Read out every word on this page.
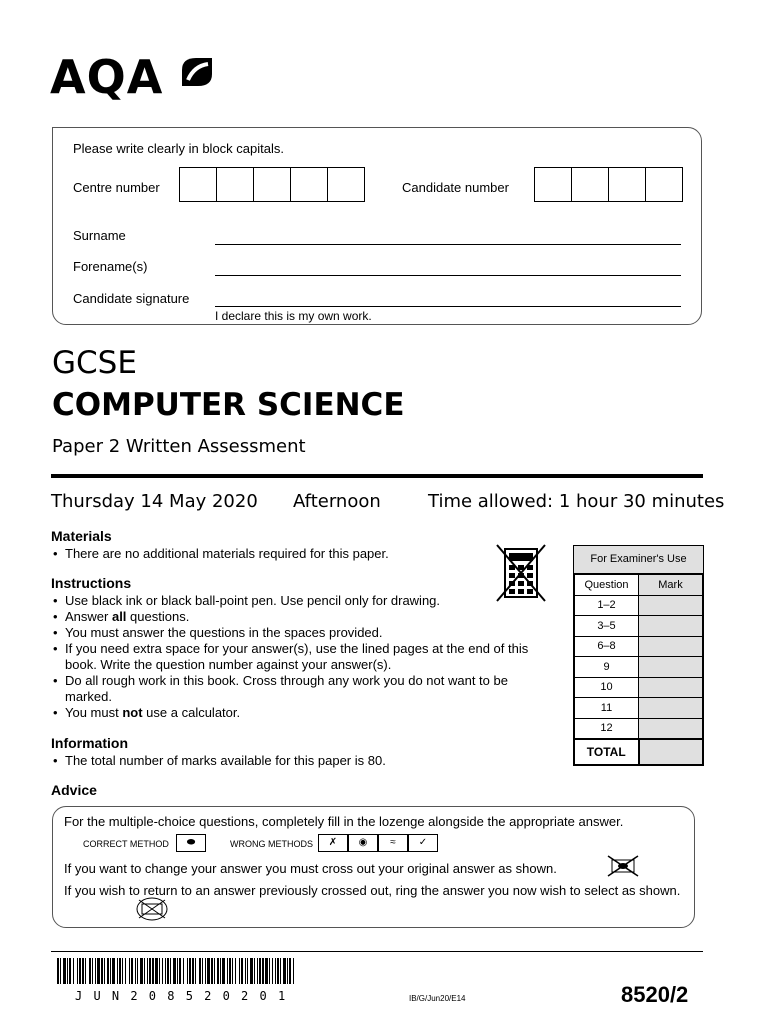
AQA
Please write clearly in block capitals.
Centre number	Candidate number
Surname
Forename(s)
Candidate signature
I declare this is my own work.
GCSE
COMPUTER SCIENCE
Paper 2 Written Assessment
Thursday 14 May 2020 Afternoon	Time allowed: 1 hour 30 minutes
Materials
• There are no additional materials required for this paper.
Instructions
• Use black ink or black ball-point pen. Use pencil only for drawing.
• Answer all questions.
• You must answer the questions in the spaces provided.
• If you need extra space for your answer(s), use the lined pages at the end of this book. Write the question number against your answer(s).
• Do all rough work in this book. Cross through any work you do not want to be marked.
• You must not use a calculator.
Information
• The total number of marks available for this paper is 80.
For Examiner's Use
Question	Mark
1–2	
3–5	
6–8	
9	
10	
11	
12	
TOTAL	
Advice
For the multiple-choice questions, completely fill in the lozenge alongside the appropriate answer.
CORRECT METHOD	⬬	WRONG METHODS	✗	◉	≈	✓
If you want to change your answer you must cross out your original answer as shown.
If you wish to return to an answer previously crossed out, ring the answer you now wish to select as shown.
J U N 2 0 8 5 2 0 2 0 1	IB/G/Jun20/E14	8520/2
